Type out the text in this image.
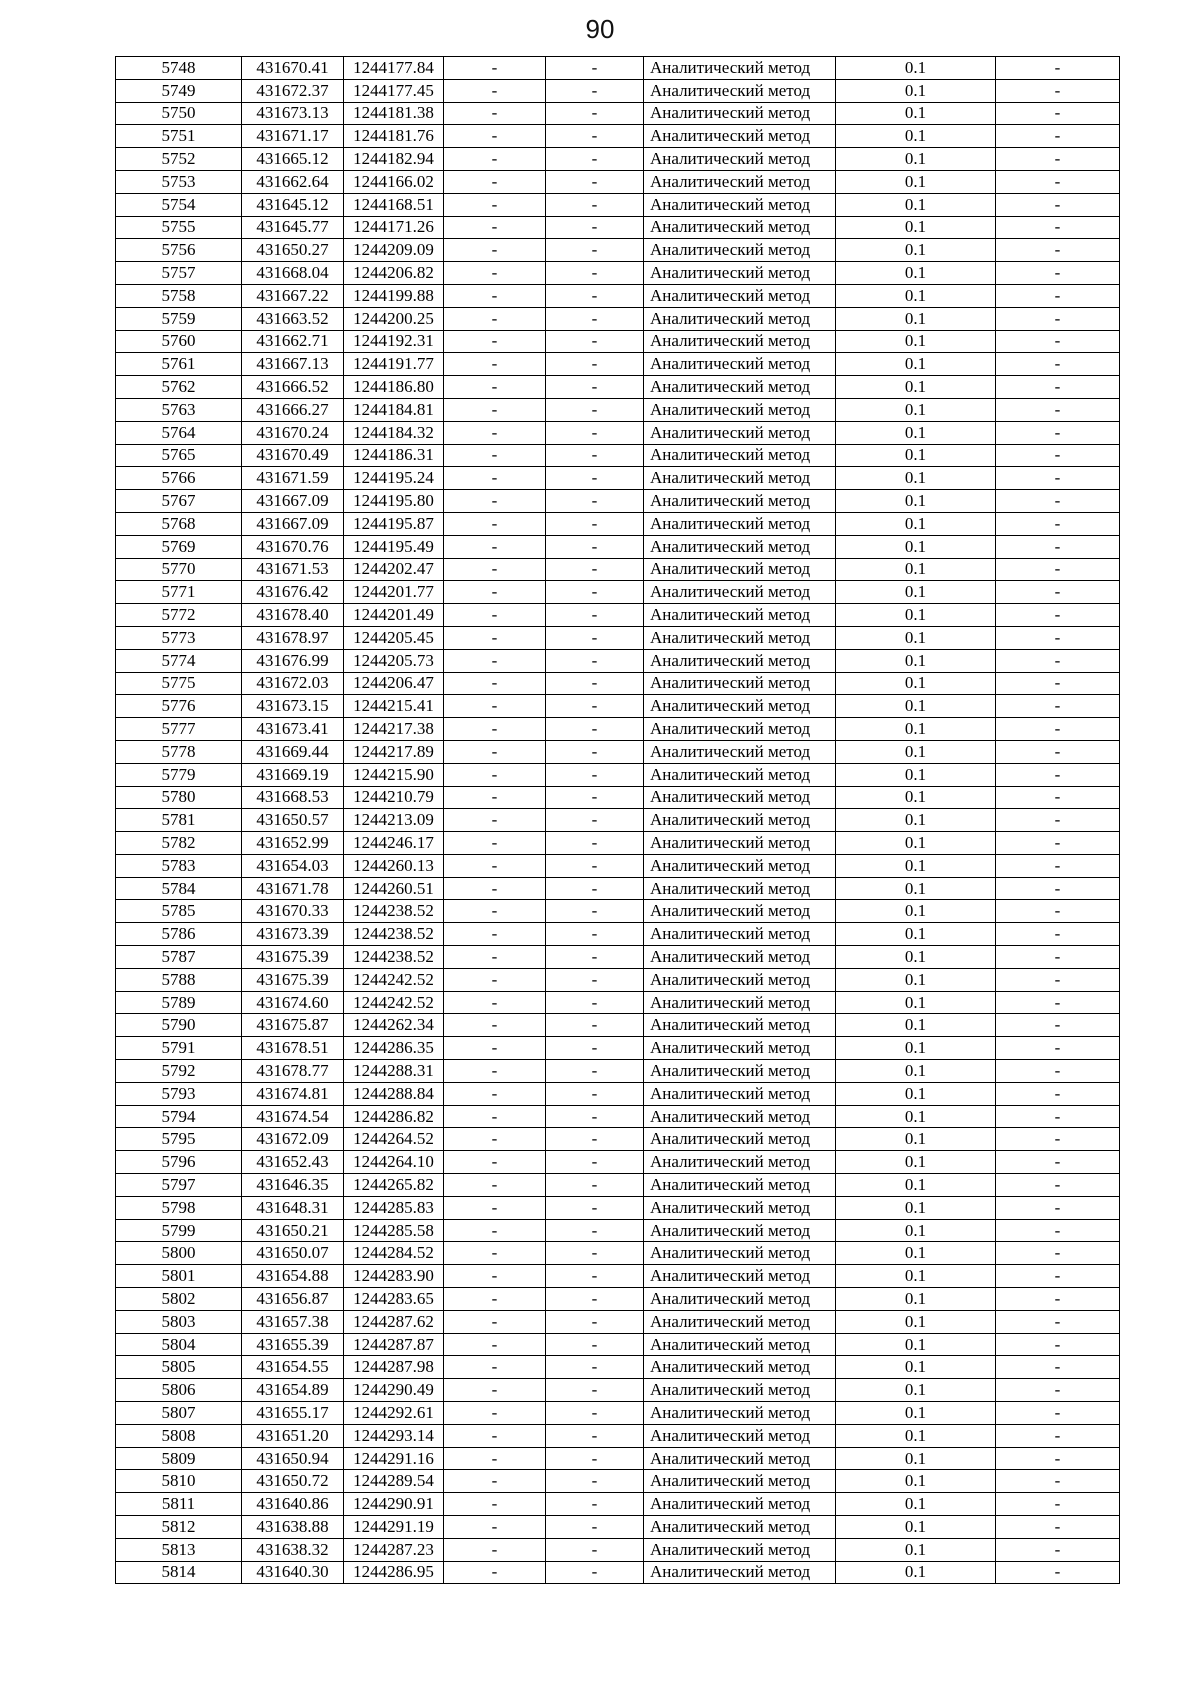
90
5748	431670.41	1244177.84	-	-	Аналитический метод	0.1	-
5749	431672.37	1244177.45	-	-	Аналитический метод	0.1	-
5750	431673.13	1244181.38	-	-	Аналитический метод	0.1	-
5751	431671.17	1244181.76	-	-	Аналитический метод	0.1	-
5752	431665.12	1244182.94	-	-	Аналитический метод	0.1	-
5753	431662.64	1244166.02	-	-	Аналитический метод	0.1	-
5754	431645.12	1244168.51	-	-	Аналитический метод	0.1	-
5755	431645.77	1244171.26	-	-	Аналитический метод	0.1	-
5756	431650.27	1244209.09	-	-	Аналитический метод	0.1	-
5757	431668.04	1244206.82	-	-	Аналитический метод	0.1	-
5758	431667.22	1244199.88	-	-	Аналитический метод	0.1	-
5759	431663.52	1244200.25	-	-	Аналитический метод	0.1	-
5760	431662.71	1244192.31	-	-	Аналитический метод	0.1	-
5761	431667.13	1244191.77	-	-	Аналитический метод	0.1	-
5762	431666.52	1244186.80	-	-	Аналитический метод	0.1	-
5763	431666.27	1244184.81	-	-	Аналитический метод	0.1	-
5764	431670.24	1244184.32	-	-	Аналитический метод	0.1	-
5765	431670.49	1244186.31	-	-	Аналитический метод	0.1	-
5766	431671.59	1244195.24	-	-	Аналитический метод	0.1	-
5767	431667.09	1244195.80	-	-	Аналитический метод	0.1	-
5768	431667.09	1244195.87	-	-	Аналитический метод	0.1	-
5769	431670.76	1244195.49	-	-	Аналитический метод	0.1	-
5770	431671.53	1244202.47	-	-	Аналитический метод	0.1	-
5771	431676.42	1244201.77	-	-	Аналитический метод	0.1	-
5772	431678.40	1244201.49	-	-	Аналитический метод	0.1	-
5773	431678.97	1244205.45	-	-	Аналитический метод	0.1	-
5774	431676.99	1244205.73	-	-	Аналитический метод	0.1	-
5775	431672.03	1244206.47	-	-	Аналитический метод	0.1	-
5776	431673.15	1244215.41	-	-	Аналитический метод	0.1	-
5777	431673.41	1244217.38	-	-	Аналитический метод	0.1	-
5778	431669.44	1244217.89	-	-	Аналитический метод	0.1	-
5779	431669.19	1244215.90	-	-	Аналитический метод	0.1	-
5780	431668.53	1244210.79	-	-	Аналитический метод	0.1	-
5781	431650.57	1244213.09	-	-	Аналитический метод	0.1	-
5782	431652.99	1244246.17	-	-	Аналитический метод	0.1	-
5783	431654.03	1244260.13	-	-	Аналитический метод	0.1	-
5784	431671.78	1244260.51	-	-	Аналитический метод	0.1	-
5785	431670.33	1244238.52	-	-	Аналитический метод	0.1	-
5786	431673.39	1244238.52	-	-	Аналитический метод	0.1	-
5787	431675.39	1244238.52	-	-	Аналитический метод	0.1	-
5788	431675.39	1244242.52	-	-	Аналитический метод	0.1	-
5789	431674.60	1244242.52	-	-	Аналитический метод	0.1	-
5790	431675.87	1244262.34	-	-	Аналитический метод	0.1	-
5791	431678.51	1244286.35	-	-	Аналитический метод	0.1	-
5792	431678.77	1244288.31	-	-	Аналитический метод	0.1	-
5793	431674.81	1244288.84	-	-	Аналитический метод	0.1	-
5794	431674.54	1244286.82	-	-	Аналитический метод	0.1	-
5795	431672.09	1244264.52	-	-	Аналитический метод	0.1	-
5796	431652.43	1244264.10	-	-	Аналитический метод	0.1	-
5797	431646.35	1244265.82	-	-	Аналитический метод	0.1	-
5798	431648.31	1244285.83	-	-	Аналитический метод	0.1	-
5799	431650.21	1244285.58	-	-	Аналитический метод	0.1	-
5800	431650.07	1244284.52	-	-	Аналитический метод	0.1	-
5801	431654.88	1244283.90	-	-	Аналитический метод	0.1	-
5802	431656.87	1244283.65	-	-	Аналитический метод	0.1	-
5803	431657.38	1244287.62	-	-	Аналитический метод	0.1	-
5804	431655.39	1244287.87	-	-	Аналитический метод	0.1	-
5805	431654.55	1244287.98	-	-	Аналитический метод	0.1	-
5806	431654.89	1244290.49	-	-	Аналитический метод	0.1	-
5807	431655.17	1244292.61	-	-	Аналитический метод	0.1	-
5808	431651.20	1244293.14	-	-	Аналитический метод	0.1	-
5809	431650.94	1244291.16	-	-	Аналитический метод	0.1	-
5810	431650.72	1244289.54	-	-	Аналитический метод	0.1	-
5811	431640.86	1244290.91	-	-	Аналитический метод	0.1	-
5812	431638.88	1244291.19	-	-	Аналитический метод	0.1	-
5813	431638.32	1244287.23	-	-	Аналитический метод	0.1	-
5814	431640.30	1244286.95	-	-	Аналитический метод	0.1	-
